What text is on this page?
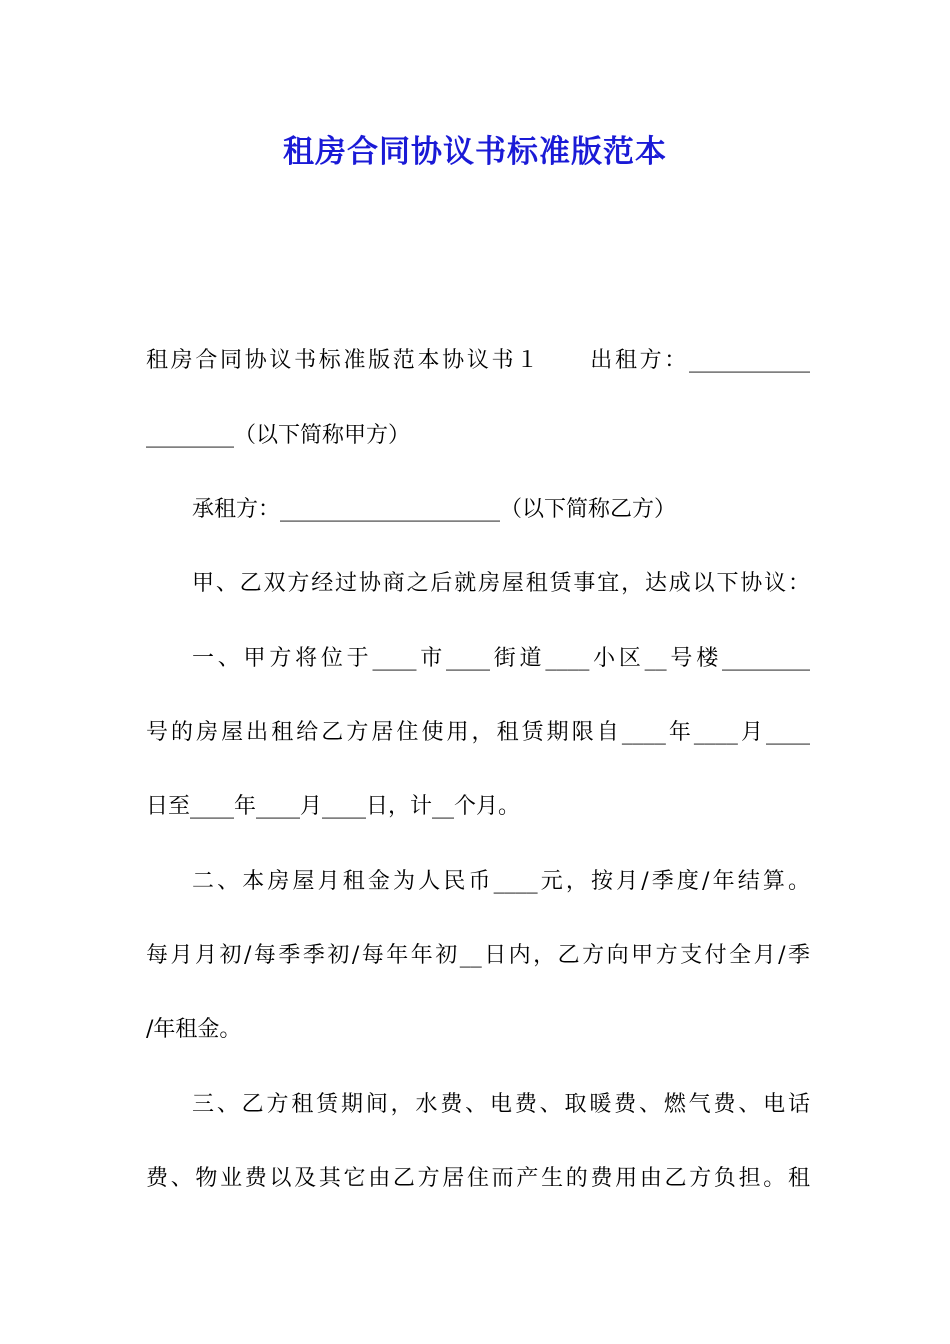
租房合同协议书标准版范本
租房合同协议书标准版范本协议书１　　出租方：___________
________（以下简称甲方）
承租方：____________________（以下简称乙方）
甲、乙双方经过协商之后就房屋租赁事宜，达成以下协议：
一、甲方将位于____市____街道____小区__号楼________
号的房屋出租给乙方居住使用，租赁期限自____年____月____
日至____年____月____日，计__个月。
二、本房屋月租金为人民币____元，按月/季度/年结算。
每月月初/每季季初/每年年初__日内，乙方向甲方支付全月/季
/年租金。
三、乙方租赁期间，水费、电费、取暖费、燃气费、电话
费、物业费以及其它由乙方居住而产生的费用由乙方负担。租
